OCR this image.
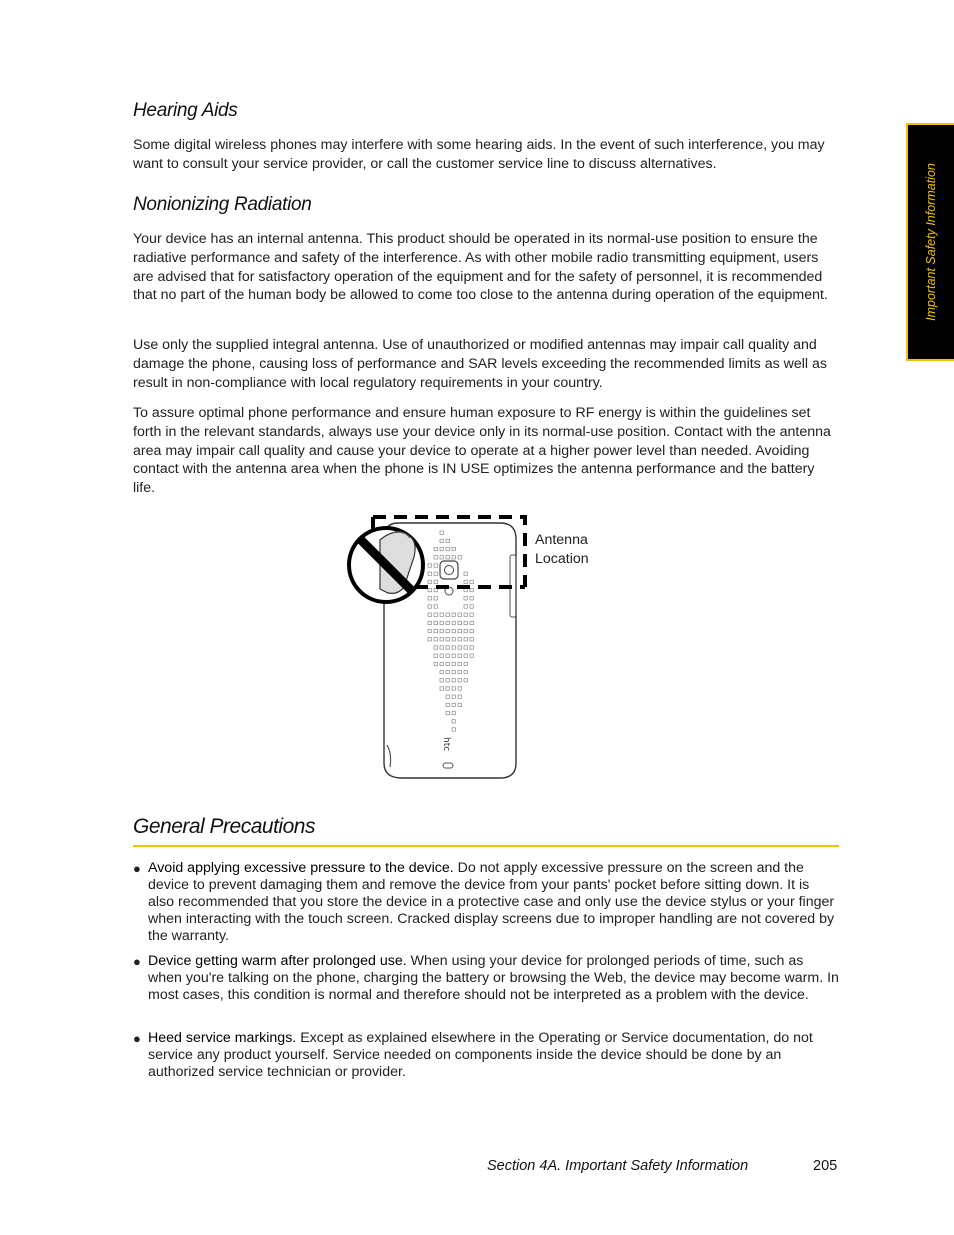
Important Safety Information
Hearing Aids

Some digital wireless phones may interfere with some hearing aids. In the event of such interference, you may want to consult your service provider, or call the customer service line to discuss alternatives.

Nonionizing Radiation

Your device has an internal antenna. This product should be operated in its normal-use position to ensure the radiative performance and safety of the interference. As with other mobile radio transmitting equipment, users are advised that for satisfactory operation of the equipment and for the safety of personnel, it is recommended that no part of the human body be allowed to come too close to the antenna during operation of the equipment.

Use only the supplied integral antenna. Use of unauthorized or modified antennas may impair call quality and damage the phone, causing loss of performance and SAR levels exceeding the recommended limits as well as result in non-compliance with local regulatory requirements in your country.

To assure optimal phone performance and ensure human exposure to RF energy is within the guidelines set forth in the relevant standards, always use your device only in its normal-use position. Contact with the antenna area may impair call quality and cause your device to operate at a higher power level than needed. Avoiding contact with the antenna area when the phone is IN USE optimizes the antenna performance and the battery life.

htc

Antenna

Location

General Precautions

● Avoid applying excessive pressure to the device. Do not apply excessive pressure on the screen and the device to prevent damaging them and remove the device from your pants' pocket before sitting down. It is also recommended that you store the device in a protective case and only use the device stylus or your finger when interacting with the touch screen. Cracked display screens due to improper handling are not covered by the warranty.

● Device getting warm after prolonged use. When using your device for prolonged periods of time, such as when you're talking on the phone, charging the battery or browsing the Web, the device may become warm. In most cases, this condition is normal and therefore should not be interpreted as a problem with the device.

● Heed service markings. Except as explained elsewhere in the Operating or Service documentation, do not service any product yourself. Service needed on components inside the device should be done by an authorized service technician or provider.

Section 4A. Important Safety Information	205
